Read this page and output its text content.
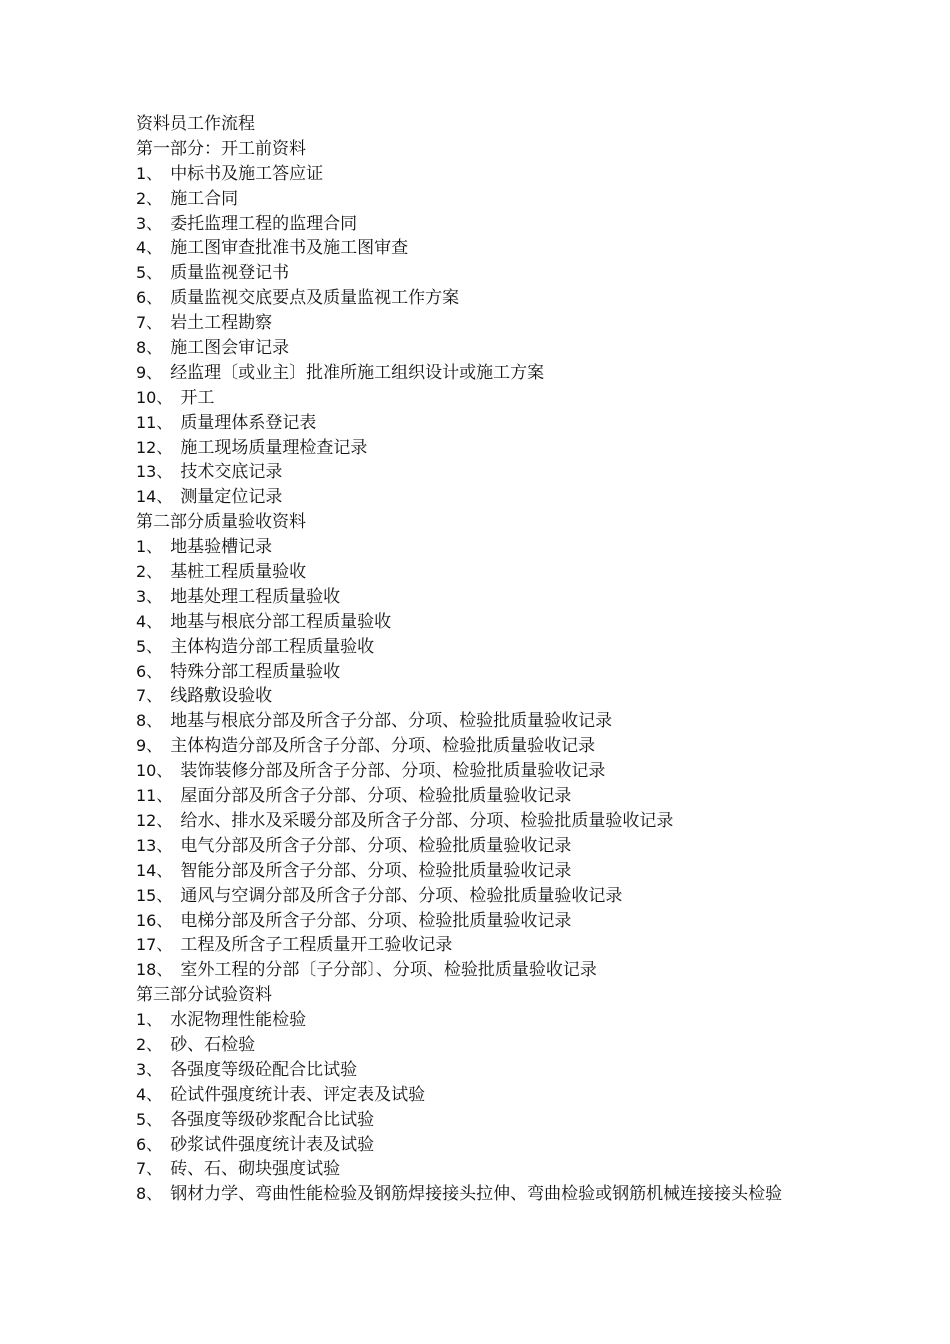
资料员工作流程
第一部分：开工前资料
1、 中标书及施工答应证
2、 施工合同
3、 委托监理工程的监理合同
4、 施工图审查批准书及施工图审查
5、 质量监视登记书
6、 质量监视交底要点及质量监视工作方案
7、 岩土工程勘察
8、 施工图会审记录
9、 经监理〔或业主〕批准所施工组织设计或施工方案
10、 开工
11、 质量理体系登记表
12、 施工现场质量理检查记录
13、 技术交底记录
14、 测量定位记录
第二部分质量验收资料
1、 地基验槽记录
2、 基桩工程质量验收
3、 地基处理工程质量验收
4、 地基与根底分部工程质量验收
5、 主体构造分部工程质量验收
6、 特殊分部工程质量验收
7、 线路敷设验收
8、 地基与根底分部及所含子分部、分项、检验批质量验收记录
9、 主体构造分部及所含子分部、分项、检验批质量验收记录
10、 装饰装修分部及所含子分部、分项、检验批质量验收记录
11、 屋面分部及所含子分部、分项、检验批质量验收记录
12、 给水、排水及采暖分部及所含子分部、分项、检验批质量验收记录
13、 电气分部及所含子分部、分项、检验批质量验收记录
14、 智能分部及所含子分部、分项、检验批质量验收记录
15、 通风与空调分部及所含子分部、分项、检验批质量验收记录
16、 电梯分部及所含子分部、分项、检验批质量验收记录
17、 工程及所含子工程质量开工验收记录
18、 室外工程的分部〔子分部〕、分项、检验批质量验收记录
第三部分试验资料
1、 水泥物理性能检验
2、 砂、石检验
3、 各强度等级砼配合比试验
4、 砼试件强度统计表、评定表及试验
5、 各强度等级砂浆配合比试验
6、 砂浆试件强度统计表及试验
7、 砖、石、砌块强度试验
8、 钢材力学、弯曲性能检验及钢筋焊接接头拉伸、弯曲检验或钢筋机械连接接头检验
